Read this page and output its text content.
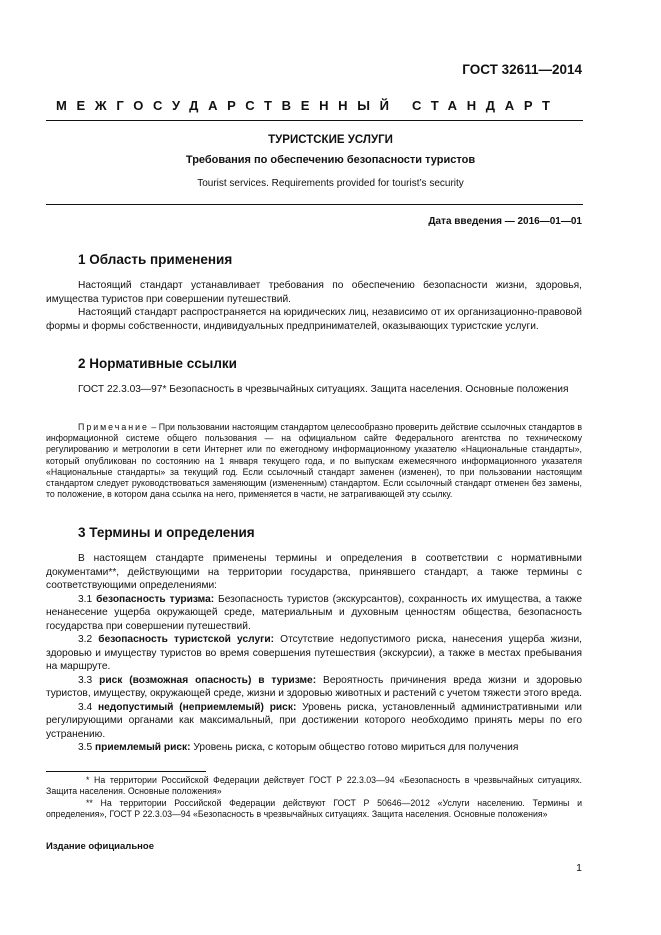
ГОСТ 32611—2014
МЕЖГОСУДАРСТВЕННЫЙ СТАНДАРТ
ТУРИСТСКИЕ УСЛУГИ
Требования по обеспечению безопасности туристов
Tourist services. Requirements provided for tourist’s security
Дата введения — 2016—01—01
1 Область применения

Настоящий стандарт устанавливает требования по обеспечению безопасности жизни, здоровья, имущества туристов при совершении путешествий.

Настоящий стандарт распространяется на юридических лиц, независимо от их организационно-правовой формы и формы собственности, индивидуальных предпринимателей, оказывающих туристские услуги.

2 Нормативные ссылки

ГОСТ 22.3.03—97* Безопасность в чрезвычайных ситуациях. Защита населения. Основные положения

Примечание – При пользовании настоящим стандартом целесообразно проверить действие ссылочных стандартов в информационной системе общего пользования — на официальном сайте Федерального агентства по техническому регулированию и метрологии в сети Интернет или по ежегодному информационному указателю «Национальные стандарты», который опубликован по состоянию на 1 января текущего года, и по выпускам ежемесячного информационного указателя «Национальные стандарты» за текущий год. Если ссылочный стандарт заменен (изменен), то при пользовании настоящим стандартом следует руководствоваться заменяющим (измененным) стандартом. Если ссылочный стандарт отменен без замены, то положение, в котором дана ссылка на него, применяется в части, не затрагивающей эту ссылку.

3 Термины и определения

В настоящем стандарте применены термины и определения в соответствии с нормативными документами**, действующими на территории государства, принявшего стандарт, а также термины с соответствующими определениями:

3.1 безопасность туризма: Безопасность туристов (экскурсантов), сохранность их имущества, а также ненанесение ущерба окружающей среде, материальным и духовным ценностям общества, безопасность государства при совершении путешествий.

3.2 безопасность туристской услуги: Отсутствие недопустимого риска, нанесения ущерба жизни, здоровью и имуществу туристов во время совершения путешествия (экскурсии), а также в местах пребывания на маршруте.

3.3 риск (возможная опасность) в туризме: Вероятность причинения вреда жизни и здоровью туристов, имуществу, окружающей среде, жизни и здоровью животных и растений с учетом тяжести этого вреда.

3.4 недопустимый (неприемлемый) риск: Уровень риска, установленный административными или регулирующими органами как максимальный, при достижении которого необходимо принять меры по его устранению.

3.5 приемлемый риск: Уровень риска, с которым общество готово мириться для получения

* На территории Российской Федерации действует ГОСТ Р 22.3.03—94 «Безопасность в чрезвычайных ситуациях. Защита населения. Основные положения»

** На территории Российской Федерации действуют ГОСТ Р 50646—2012 «Услуги населению. Термины и определения», ГОСТ Р 22.3.03—94 «Безопасность в чрезвычайных ситуациях. Защита населения. Основные положения»

Издание официальное
1
